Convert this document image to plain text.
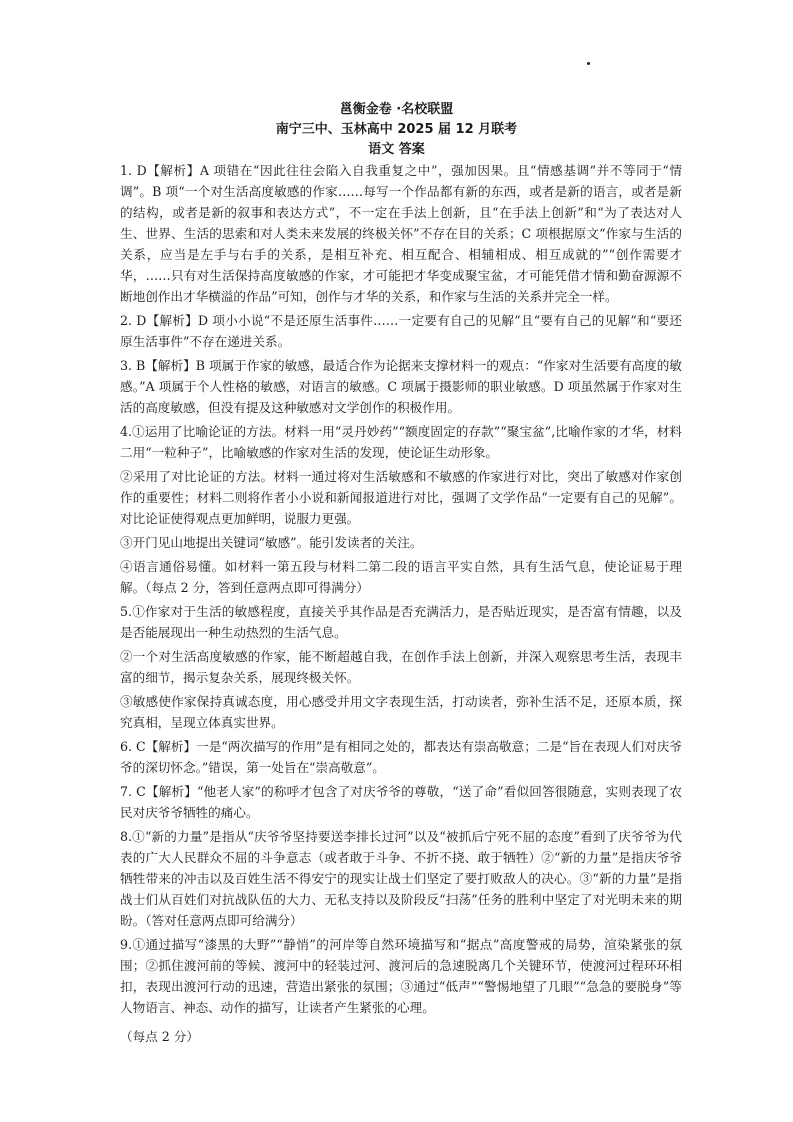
邕衡金卷 ·名校联盟
南宁三中、玉林高中 2025 届 12 月联考
语文 答案

1. D【解析】A 项错在“因此往往会陷入自我重复之中”，强加因果。且“情感基调”并不等同于“情调”。B 项“一个对生活高度敏感的作家……每写一个作品都有新的东西，或者是新的语言，或者是新的结构，或者是新的叙事和表达方式”，不一定在手法上创新，且“在手法上创新”和“为了表达对人生、世界、生活的思索和对人类未来发展的终极关怀”不存在目的关系；C 项根据原文“作家与生活的关系，应当是左手与右手的关系，是相互补充、相互配合、相辅相成、相互成就的”“创作需要才华，……只有对生活保持高度敏感的作家，才可能把才华变成聚宝盆，才可能凭借才情和勤奋源源不断地创作出才华横溢的作品”可知，创作与才华的关系，和作家与生活的关系并完全一样。

2. D【解析】D 项小小说“不是还原生活事件……一定要有自己的见解”且“要有自己的见解”和“要还原生活事件”不存在递进关系。

3. B【解析】B 项属于作家的敏感，最适合作为论据来支撑材料一的观点：“作家对生活要有高度的敏感。”A 项属于个人性格的敏感，对语言的敏感。C 项属于摄影师的职业敏感。D 项虽然属于作家对生活的高度敏感，但没有提及这种敏感对文学创作的积极作用。

4.①运用了比喻论证的方法。材料一用“灵丹妙药”“额度固定的存款”“聚宝盆”,比喻作家的才华，材料二用“一粒种子”，比喻敏感的作家对生活的发现，使论证生动形象。

②采用了对比论证的方法。材料一通过将对生活敏感和不敏感的作家进行对比，突出了敏感对作家创作的重要性；材料二则将作者小小说和新闻报道进行对比，强调了文学作品“一定要有自己的见解”。对比论证使得观点更加鲜明，说服力更强。

③开门见山地提出关键词“敏感”。能引发读者的关注。

④语言通俗易懂。如材料一第五段与材料二第二段的语言平实自然，具有生活气息，使论证易于理解。（每点 2 分，答到任意两点即可得满分）

5.①作家对于生活的敏感程度，直接关乎其作品是否充满活力，是否贴近现实，是否富有情趣，以及是否能展现出一种生动热烈的生活气息。

②一个对生活高度敏感的作家，能不断超越自我，在创作手法上创新，并深入观察思考生活，表现丰富的细节，揭示复杂关系，展现终极关怀。

③敏感使作家保持真诚态度，用心感受并用文字表现生活，打动读者，弥补生活不足，还原本质，探究真相，呈现立体真实世界。

6. C【解析】一是“两次描写的作用”是有相同之处的，都表达有崇高敬意；二是“旨在表现人们对庆爷爷的深切怀念。”错误，第一处旨在“崇高敬意”。

7. C【解析】“他老人家”的称呼才包含了对庆爷爷的尊敬，“送了命”看似回答很随意，实则表现了农民对庆爷爷牺牲的痛心。

8.①“新的力量”是指从“庆爷爷坚持要送李排长过河”以及“被抓后宁死不屈的态度”看到了庆爷爷为代表的广大人民群众不屈的斗争意志（或者敢于斗争、不折不挠、敢于牺牲）②“新的力量”是指庆爷爷牺牲带来的冲击以及百姓生活不得安宁的现实让战士们坚定了要打败敌人的决心。③“新的力量”是指战士们从百姓们对抗战队伍的大力、无私支持以及阶段反“扫荡”任务的胜利中坚定了对光明未来的期盼。（答对任意两点即可给满分）

9.①通过描写“漆黑的大野”“静悄”的河岸等自然环境描写和“据点”高度警戒的局势，渲染紧张的氛围；②抓住渡河前的等候、渡河中的轻装过河、渡河后的急速脱离几个关键环节，使渡河过程环环相扣，表现出渡河行动的迅速，营造出紧张的氛围；③通过“低声”“警惕地望了几眼”“急急的要脱身”等人物语言、神态、动作的描写，让读者产生紧张的心理。

（每点 2 分）
